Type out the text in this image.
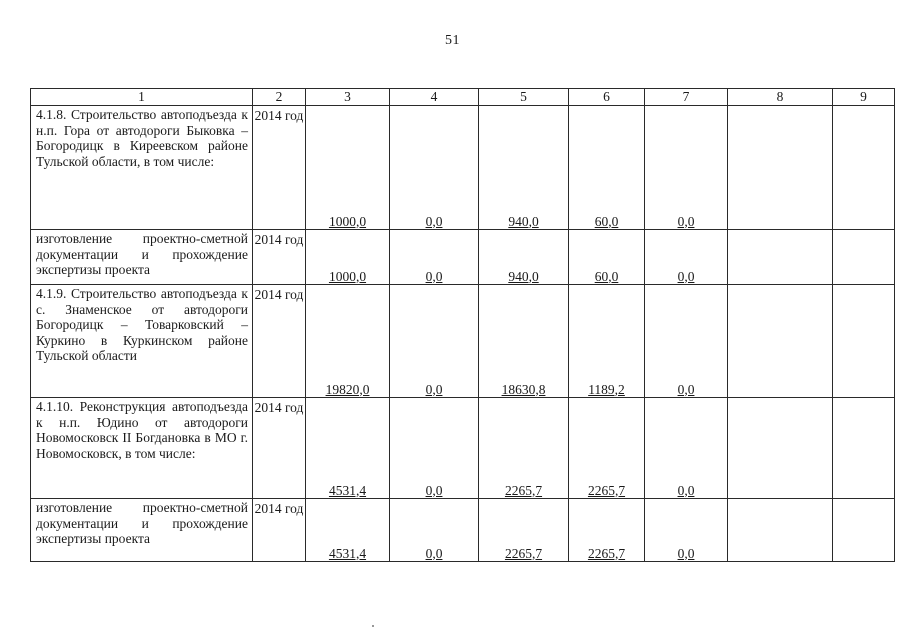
51
1	2	3	4	5	6	7	8	9
4.1.8. Строительство автоподъезда к н.п. Гора от автодороги Быковка – Богородицк в Киреевском районе Тульской области, в том числе:	2014 год	1000,0	0,0	940,0	60,0	0,0		
изготовление проектно-сметной документации и прохождение экспертизы проекта	2014 год	1000,0	0,0	940,0	60,0	0,0		
4.1.9. Строительство автоподъезда к с. Знаменское от автодороги Богородицк – Товарковский – Куркино в Куркинском районе Тульской области	2014 год	19820,0	0,0	18630,8	1189,2	0,0		
4.1.10. Реконструкция автоподъезда к н.п. Юдино от автодороги Новомосковск II Богдановка в МО г. Новомосковск, в том числе:	2014 год	4531,4	0,0	2265,7	2265,7	0,0		
изготовление проектно-сметной документации и прохождение экспертизы проекта	2014 год	4531,4	0,0	2265,7	2265,7	0,0		
